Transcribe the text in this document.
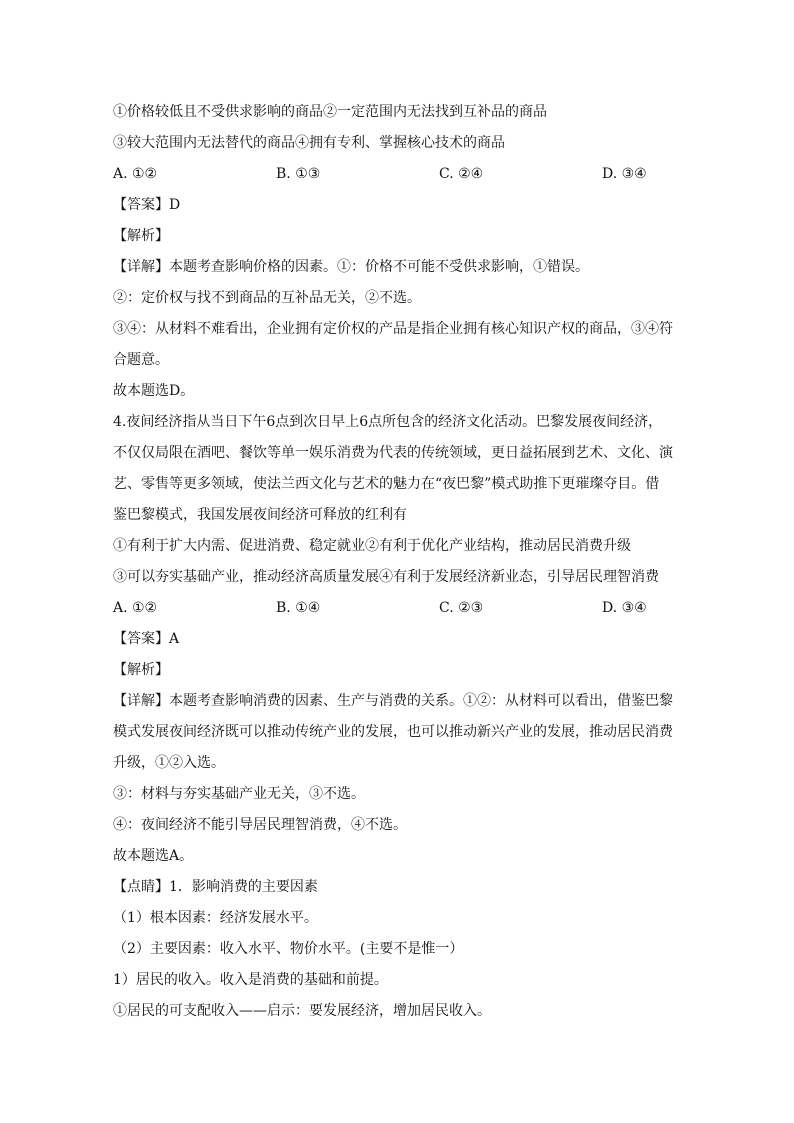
①价格较低且不受供求影响的商品②一定范围内无法找到互补品的商品
③较大范围内无法替代的商品④拥有专利、掌握核心技术的商品
A. ①②	B. ①③	C. ②④	D. ③④
【答案】D
【解析】
【详解】本题考查影响价格的因素。①：价格不可能不受供求影响，①错误。
②：定价权与找不到商品的互补品无关，②不选。
③④：从材料不难看出，企业拥有定价权的产品是指企业拥有核心知识产权的商品，③④符
合题意。
故本题选D。
4.夜间经济指从当日下午6点到次日早上6点所包含的经济文化活动。巴黎发展夜间经济，
不仅仅局限在酒吧、餐饮等单一娱乐消费为代表的传统领域，更日益拓展到艺术、文化、演
艺、零售等更多领域，使法兰西文化与艺术的魅力在“夜巴黎”模式助推下更璀璨夺目。借
鉴巴黎模式，我国发展夜间经济可释放的红利有
①有利于扩大内需、促进消费、稳定就业②有利于优化产业结构，推动居民消费升级
③可以夯实基础产业，推动经济高质量发展④有利于发展经济新业态，引导居民理智消费
A. ①②	B. ①④	C. ②③	D. ③④
【答案】A
【解析】
【详解】本题考查影响消费的因素、生产与消费的关系。①②：从材料可以看出，借鉴巴黎
模式发展夜间经济既可以推动传统产业的发展，也可以推动新兴产业的发展，推动居民消费
升级，①②入选。
③：材料与夯实基础产业无关，③不选。
④：夜间经济不能引导居民理智消费，④不选。
故本题选A。
【点睛】1．影响消费的主要因素
（1）根本因素：经济发展水平。
（2）主要因素：收入水平、物价水平。(主要不是惟一）
1）居民的收入。收入是消费的基础和前提。
①居民的可支配收入——启示：要发展经济，增加居民收入。
